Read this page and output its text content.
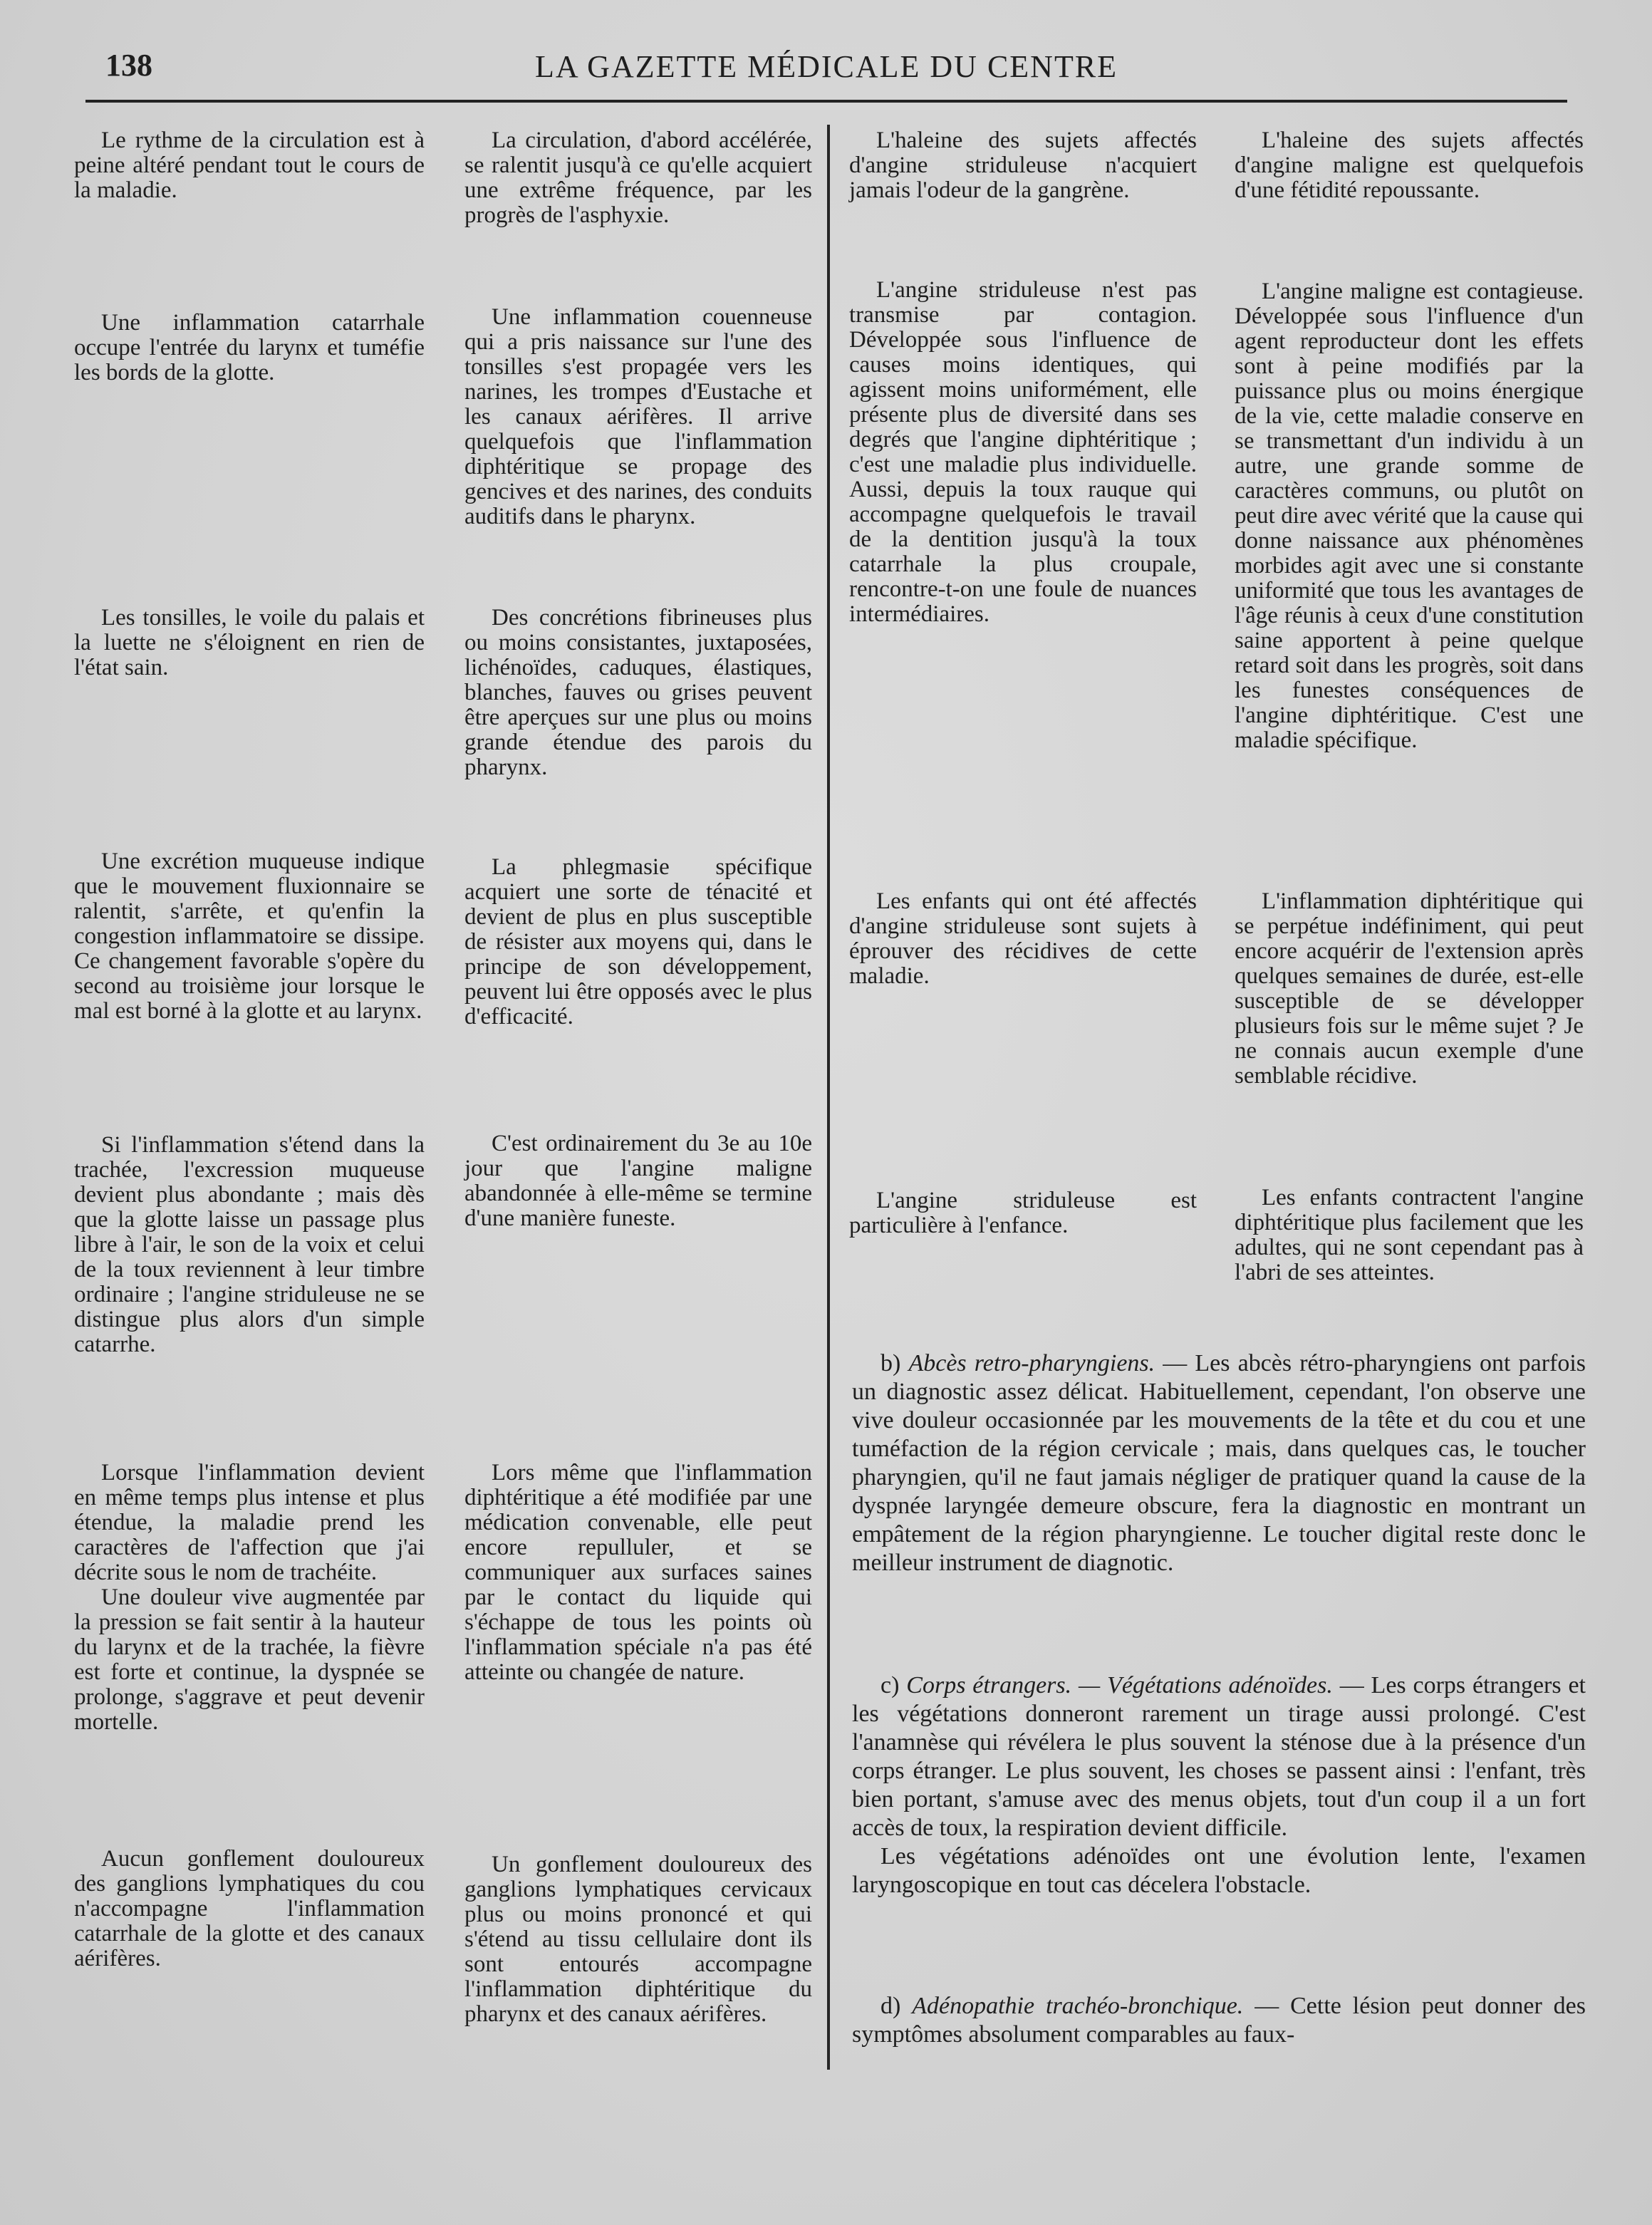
138	LA GAZETTE MÉDICALE DU CENTRE

Le rythme de la circulation est à peine altéré pendant tout le cours de la maladie.

Une inflammation catarrhale occupe l'entrée du larynx et tuméfie les bords de la glotte.

Les tonsilles, le voile du palais et la luette ne s'éloignent en rien de l'état sain.

Une excrétion muqueuse indique que le mouvement fluxionnaire se ralentit, s'arrête, et qu'enfin la congestion inflammatoire se dissipe. Ce changement favorable s'opère du second au troisième jour lorsque le mal est borné à la glotte et au larynx.

Si l'inflammation s'étend dans la trachée, l'excression muqueuse devient plus abondante ; mais dès que la glotte laisse un passage plus libre à l'air, le son de la voix et celui de la toux reviennent à leur timbre ordinaire ; l'angine striduleuse ne se distingue plus alors d'un simple catarrhe.

Lorsque l'inflammation devient en même temps plus intense et plus étendue, la maladie prend les caractères de l'affection que j'ai décrite sous le nom de trachéite.

Une douleur vive augmentée par la pression se fait sentir à la hauteur du larynx et de la trachée, la fièvre est forte et continue, la dyspnée se prolonge, s'aggrave et peut devenir mortelle.

Aucun gonflement douloureux des ganglions lymphatiques du cou n'accompagne l'inflammation catarrhale de la glotte et des canaux aérifères.

La circulation, d'abord accélérée, se ralentit jusqu'à ce qu'elle acquiert une extrême fréquence, par les progrès de l'asphyxie.

Une inflammation couenneuse qui a pris naissance sur l'une des tonsilles s'est propagée vers les narines, les trompes d'Eustache et les canaux aérifères. Il arrive quelquefois que l'inflammation diphtéritique se propage des gencives et des narines, des conduits auditifs dans le pharynx.

Des concrétions fibrineuses plus ou moins consistantes, juxtaposées, lichénoïdes, caduques, élastiques, blanches, fauves ou grises peuvent être aperçues sur une plus ou moins grande étendue des parois du pharynx.

La phlegmasie spécifique acquiert une sorte de ténacité et devient de plus en plus susceptible de résister aux moyens qui, dans le principe de son développement, peuvent lui être opposés avec le plus d'efficacité.

C'est ordinairement du 3e au 10e jour que l'angine maligne abandonnée à elle-même se termine d'une manière funeste.

Lors même que l'inflammation diphtéritique a été modifiée par une médication convenable, elle peut encore repulluler, et se communiquer aux surfaces saines par le contact du liquide qui s'échappe de tous les points où l'inflammation spéciale n'a pas été atteinte ou changée de nature.

Un gonflement douloureux des ganglions lymphatiques cervicaux plus ou moins prononcé et qui s'étend au tissu cellulaire dont ils sont entourés accompagne l'inflammation diphtéritique du pharynx et des canaux aérifères.

L'haleine des sujets affectés d'angine striduleuse n'acquiert jamais l'odeur de la gangrène.

L'angine striduleuse n'est pas transmise par contagion. Développée sous l'influence de causes moins identiques, qui agissent moins uniformément, elle présente plus de diversité dans ses degrés que l'angine diphtéritique ; c'est une maladie plus individuelle. Aussi, depuis la toux rauque qui accompagne quelquefois le travail de la dentition jusqu'à la toux catarrhale la plus croupale, rencontre-t-on une foule de nuances intermédiaires.

Les enfants qui ont été affectés d'angine striduleuse sont sujets à éprouver des récidives de cette maladie.

L'angine striduleuse est particulière à l'enfance.

L'haleine des sujets affectés d'angine maligne est quelquefois d'une fétidité repoussante.

L'angine maligne est contagieuse. Développée sous l'influence d'un agent reproducteur dont les effets sont à peine modifiés par la puissance plus ou moins énergique de la vie, cette maladie conserve en se transmettant d'un individu à un autre, une grande somme de caractères communs, ou plutôt on peut dire avec vérité que la cause qui donne naissance aux phénomènes morbides agit avec une si constante uniformité que tous les avantages de l'âge réunis à ceux d'une constitution saine apportent à peine quelque retard soit dans les progrès, soit dans les funestes conséquences de l'angine diphtéritique. C'est une maladie spécifique.

L'inflammation diphtéritique qui se perpétue indéfiniment, qui peut encore acquérir de l'extension après quelques semaines de durée, est-elle susceptible de se développer plusieurs fois sur le même sujet ? Je ne connais aucun exemple d'une semblable récidive.

Les enfants contractent l'angine diphtéritique plus facilement que les adultes, qui ne sont cependant pas à l'abri de ses atteintes.

b) Abcès retro-pharyngiens. — Les abcès rétro-pharyngiens ont parfois un diagnostic assez délicat. Habituellement, cependant, l'on observe une vive douleur occasionnée par les mouvements de la tête et du cou et une tuméfaction de la région cervicale ; mais, dans quelques cas, le toucher pharyngien, qu'il ne faut jamais négliger de pratiquer quand la cause de la dyspnée laryngée demeure obscure, fera la diagnostic en montrant un empâtement de la région pharyngienne. Le toucher digital reste donc le meilleur instrument de diagnotic.

c) Corps étrangers. — Végétations adénoïdes. — Les corps étrangers et les végétations donneront rarement un tirage aussi prolongé. C'est l'anamnèse qui révélera le plus souvent la sténose due à la présence d'un corps étranger. Le plus souvent, les choses se passent ainsi : l'enfant, très bien portant, s'amuse avec des menus objets, tout d'un coup il a un fort accès de toux, la respiration devient difficile.

Les végétations adénoïdes ont une évolution lente, l'examen laryngoscopique en tout cas décelera l'obstacle.

d) Adénopathie trachéo-bronchique. — Cette lésion peut donner des symptômes absolument comparables au faux-
